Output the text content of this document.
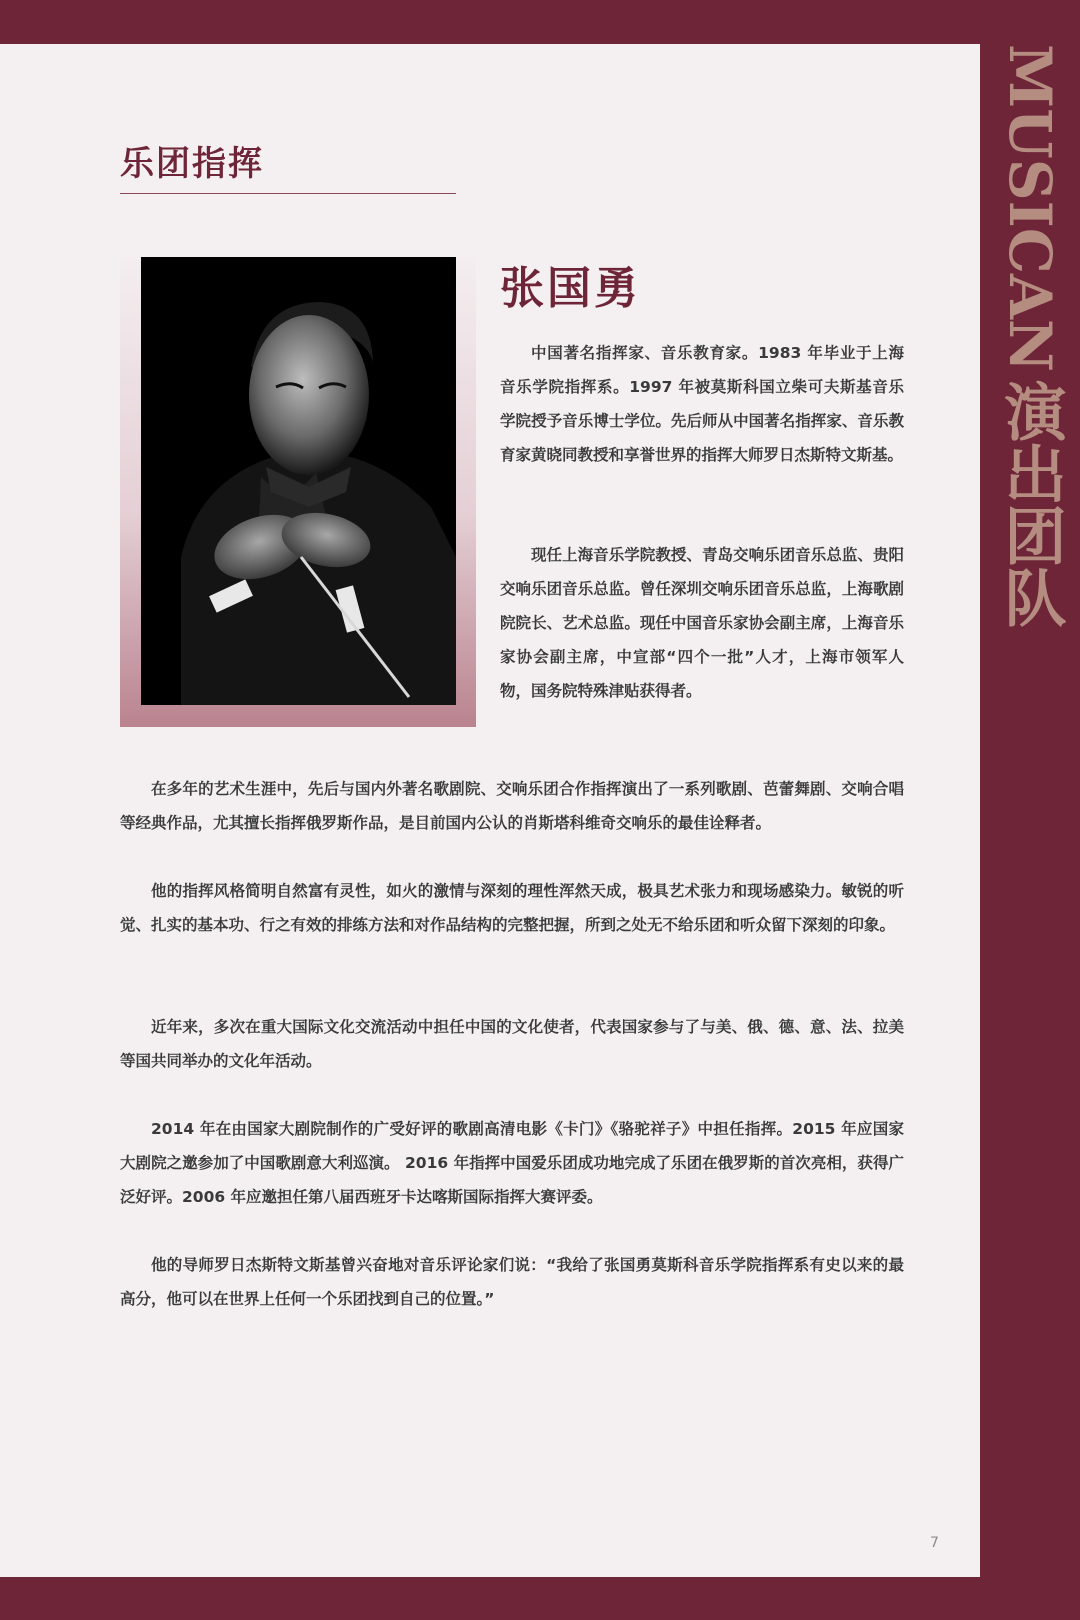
MUSICAN演出团队
乐团指挥
张国勇

中国著名指挥家、音乐教育家。1983 年毕业于上海音乐学院指挥系。1997 年被莫斯科国立柴可夫斯基音乐学院授予音乐博士学位。先后师从中国著名指挥家、音乐教育家黄晓同教授和享誉世界的指挥大师罗日杰斯特文斯基。

现任上海音乐学院教授、青岛交响乐团音乐总监、贵阳交响乐团音乐总监。曾任深圳交响乐团音乐总监，上海歌剧院院长、艺术总监。现任中国音乐家协会副主席，上海音乐家协会副主席，中宣部“四个一批”人才，上海市领军人物，国务院特殊津贴获得者。

在多年的艺术生涯中，先后与国内外著名歌剧院、交响乐团合作指挥演出了一系列歌剧、芭蕾舞剧、交响合唱等经典作品，尤其擅长指挥俄罗斯作品，是目前国内公认的肖斯塔科维奇交响乐的最佳诠释者。

他的指挥风格简明自然富有灵性，如火的激情与深刻的理性浑然天成，极具艺术张力和现场感染力。敏锐的听觉、扎实的基本功、行之有效的排练方法和对作品结构的完整把握，所到之处无不给乐团和听众留下深刻的印象。

近年来，多次在重大国际文化交流活动中担任中国的文化使者，代表国家参与了与美、俄、德、意、法、拉美等国共同举办的文化年活动。

2014 年在由国家大剧院制作的广受好评的歌剧高清电影《卡门》《骆驼祥子》中担任指挥。2015 年应国家大剧院之邀参加了中国歌剧意大利巡演。 2016 年指挥中国爱乐团成功地完成了乐团在俄罗斯的首次亮相，获得广泛好评。2006 年应邀担任第八届西班牙卡达喀斯国际指挥大赛评委。

他的导师罗日杰斯特文斯基曾兴奋地对音乐评论家们说：“我给了张国勇莫斯科音乐学院指挥系有史以来的最高分，他可以在世界上任何一个乐团找到自己的位置。”

7
